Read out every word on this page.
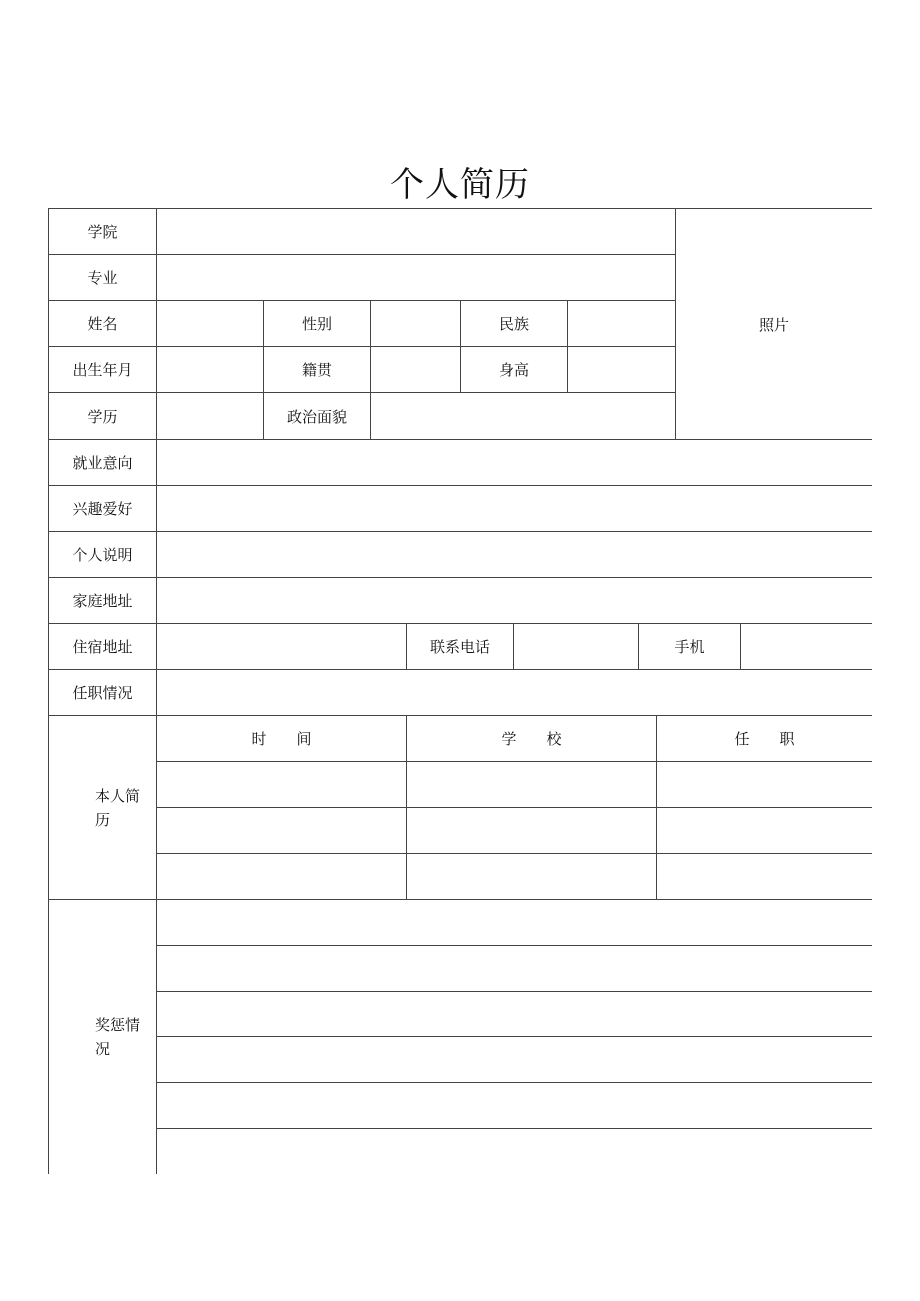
个人简历
学院
照片
专业
姓名	性别	民族
出生年月	籍贯	身高
学历	政治面貌
就业意向
兴趣爱好
个人说明
家庭地址
住宿地址	联系电话	手机
任职情况
本人简历
时　　间	学　　校	任　　职
奖惩情况
